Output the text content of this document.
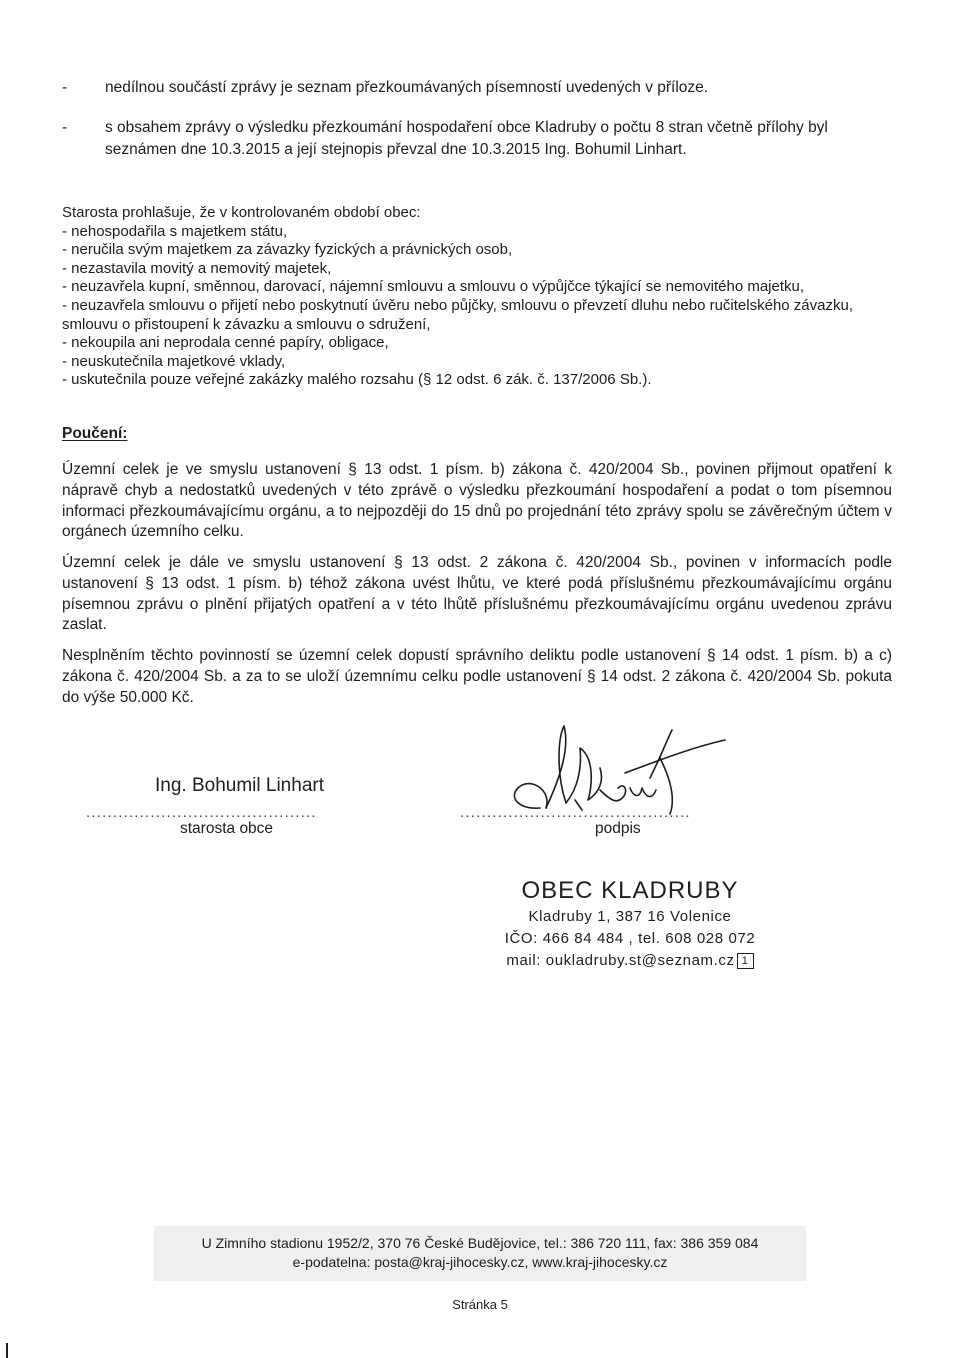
- nedílnou součástí zprávy je seznam přezkoumávaných písemností uvedených v příloze.
- s obsahem zprávy o výsledku přezkoumání hospodaření obce Kladruby o počtu 8 stran včetně přílohy byl seznámen dne 10.3.2015 a její stejnopis převzal dne 10.3.2015 Ing. Bohumil Linhart.
Starosta prohlašuje, že v kontrolovaném období obec:
- nehospodařila s majetkem státu,
- neručila svým majetkem za závazky fyzických a právnických osob,
- nezastavila movitý a nemovitý majetek,
- neuzavřela kupní, směnnou, darovací, nájemní smlouvu a smlouvu o výpůjčce týkající se nemovitého majetku,
- neuzavřela smlouvu o přijetí nebo poskytnutí úvěru nebo půjčky, smlouvu o převzetí dluhu nebo ručitelského závazku, smlouvu o přistoupení k závazku a smlouvu o sdružení,
- nekoupila ani neprodala cenné papíry, obligace,
- neuskutečnila majetkové vklady,
- uskutečnila pouze veřejné zakázky malého rozsahu (§ 12 odst. 6 zák. č. 137/2006 Sb.).
Poučení:
Územní celek je ve smyslu ustanovení § 13 odst. 1 písm. b) zákona č. 420/2004 Sb., povinen přijmout opatření k nápravě chyb a nedostatků uvedených v této zprávě o výsledku přezkoumání hospodaření a podat o tom písemnou informaci přezkoumávajícímu orgánu, a to nejpozději do 15 dnů po projednání této zprávy spolu se závěrečným účtem v orgánech územního celku.
Územní celek je dále ve smyslu ustanovení § 13 odst. 2 zákona č. 420/2004 Sb., povinen v informacích podle ustanovení § 13 odst. 1 písm. b) téhož zákona uvést lhůtu, ve které podá příslušnému přezkoumávajícímu orgánu písemnou zprávu o plnění přijatých opatření a v této lhůtě příslušnému přezkoumávajícímu orgánu uvedenou zprávu zaslat.
Nesplněním těchto povinností se územní celek dopustí správního deliktu podle ustanovení § 14 odst. 1 písm. b) a c) zákona č. 420/2004 Sb. a za to se uloží územnímu celku podle ustanovení § 14 odst. 2 zákona č. 420/2004 Sb. pokuta do výše 50.000 Kč.
Ing. Bohumil Linhart
...........................................	...........................................
starosta obce	podpis
OBEC KLADRUBY
Kladruby 1, 387 16 Volenice
IČO: 466 84 484 , tel. 608 028 072
mail: oukladruby.st@seznam.cz 1
U Zimního stadionu 1952/2, 370 76 České Budějovice, tel.: 386 720 111, fax: 386 359 084
e-podatelna: posta@kraj-jihocesky.cz, www.kraj-jihocesky.cz
Stránka 5
